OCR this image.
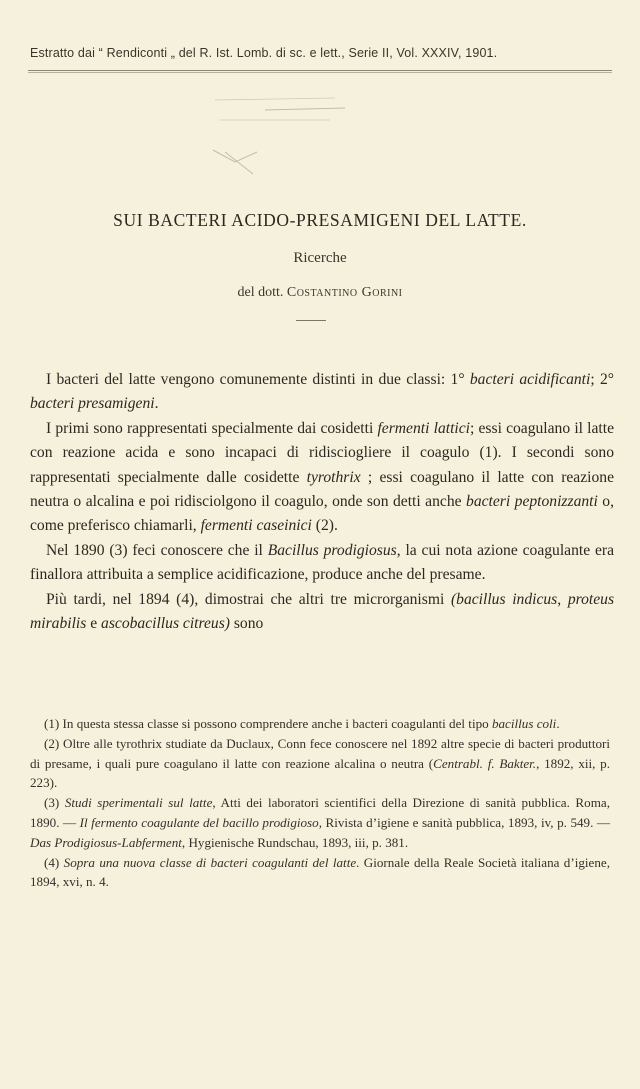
Estratto dai “ Rendiconti „ del R. Ist. Lomb. di sc. e lett., Serie II, Vol. XXXIV, 1901.
SUI BACTERI ACIDO-PRESAMIGENI DEL LATTE.
Ricerche
del dott. Costantino Gorini

I bacteri del latte vengono comunemente distinti in due classi: 1° bacteri acidificanti; 2° bacteri presamigeni.

I primi sono rappresentati specialmente dai cosidetti fermenti lattici; essi coagulano il latte con reazione acida e sono incapaci di ridisciogliere il coagulo (1). I secondi sono rappresentati specialmente dalle cosidette tyrothrix ; essi coagulano il latte con reazione neutra o alcalina e poi ridisciolgono il coagulo, onde son detti anche bacteri peptonizzanti o, come preferisco chiamarli, fermenti caseinici (2).

Nel 1890 (3) feci conoscere che il Bacillus prodigiosus, la cui nota azione coagulante era finallora attribuita a semplice acidificazione, produce anche del presame.

Più tardi, nel 1894 (4), dimostrai che altri tre microrganismi (bacillus indicus, proteus mirabilis e ascobacillus citreus) sono

(1) In questa stessa classe si possono comprendere anche i bacteri coagulanti del tipo bacillus coli.

(2) Oltre alle tyrothrix studiate da Duclaux, Conn fece conoscere nel 1892 altre specie di bacteri produttori di presame, i quali pure coagulano il latte con reazione alcalina o neutra (Centrabl. f. Bakter., 1892, xii, p. 223).

(3) Studi sperimentali sul latte, Atti dei laboratori scientifici della Direzione di sanità pubblica. Roma, 1890. — Il fermento coagulante del bacillo prodigioso, Rivista d’igiene e sanità pubblica, 1893, iv, p. 549. — Das Prodigiosus-Labferment, Hygienische Rundschau, 1893, iii, p. 381.

(4) Sopra una nuova classe di bacteri coagulanti del latte. Giornale della Reale Società italiana d’igiene, 1894, xvi, n. 4.
